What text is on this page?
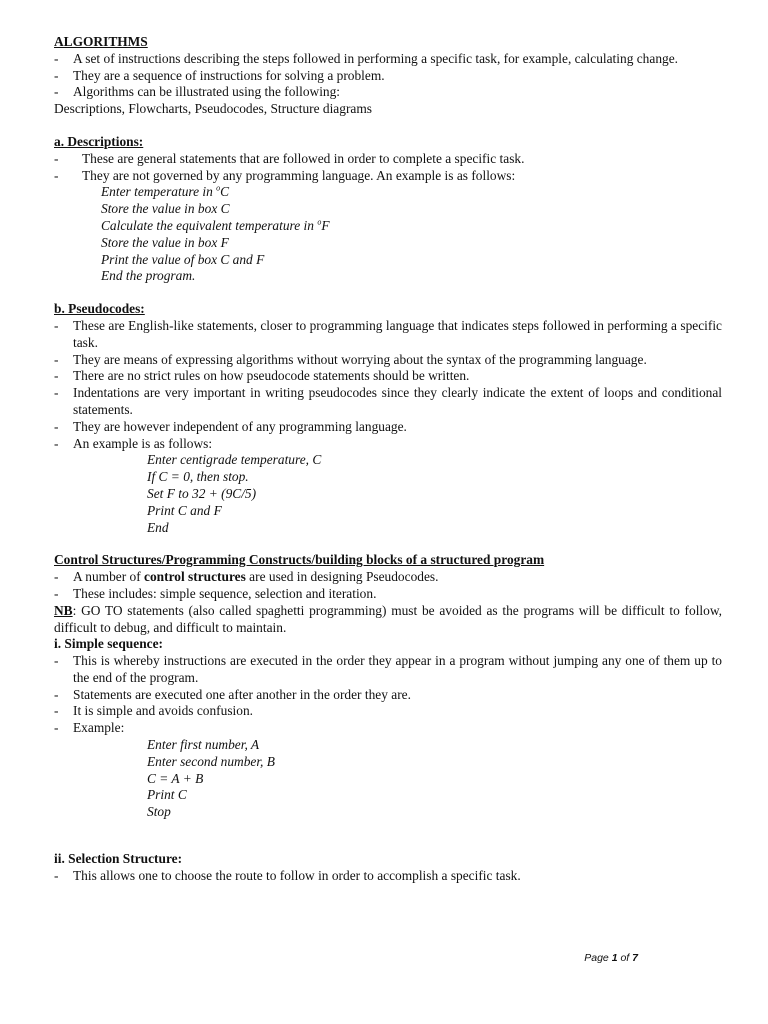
ALGORITHMS
-	A set of instructions describing the steps followed in performing a specific task, for example, calculating change.
-	They are a sequence of instructions for solving a problem.
-	Algorithms can be illustrated using the following:
Descriptions, Flowcharts, Pseudocodes, Structure diagrams
a. Descriptions:
-	These are general statements that are followed in order to complete a specific task.
-	They are not governed by any programming language. An example is as follows:
Enter temperature in $^o$C
Store the value in box C
Calculate the equivalent temperature in $^o$F
Store the value in box F
Print the value of box C and F
End the program.
b. Pseudocodes:
-	These are English-like statements, closer to programming language that indicates steps followed in performing a specific task.
-	They are means of expressing algorithms without worrying about the syntax of the programming language.
-	There are no strict rules on how pseudocode statements should be written.
-	Indentations are very important in writing pseudocodes since they clearly indicate the extent of loops and conditional statements.
-	They are however independent of any programming language.
-	An example is as follows:
Enter centigrade temperature, C
If C = 0, then stop.
Set F to 32 + (9C/5)
Print C and F
End
Control Structures/Programming Constructs/building blocks of a structured program
-	A number of control structures are used in designing Pseudocodes.
-	These includes: simple sequence, selection and iteration.
NB: GO TO statements (also called spaghetti programming) must be avoided as the programs will be difficult to follow, difficult to debug, and difficult to maintain.
i. Simple sequence:
-	This is whereby instructions are executed in the order they appear in a program without jumping any one of them up to the end of the program.
-	Statements are executed one after another in the order they are.
-	It is simple and avoids confusion.
-	Example:
Enter first number, A
Enter second number, B
C = A + B
Print C
Stop
ii. Selection Structure:
-	This allows one to choose the route to follow in order to accomplish a specific task.
Page 1 of 7
